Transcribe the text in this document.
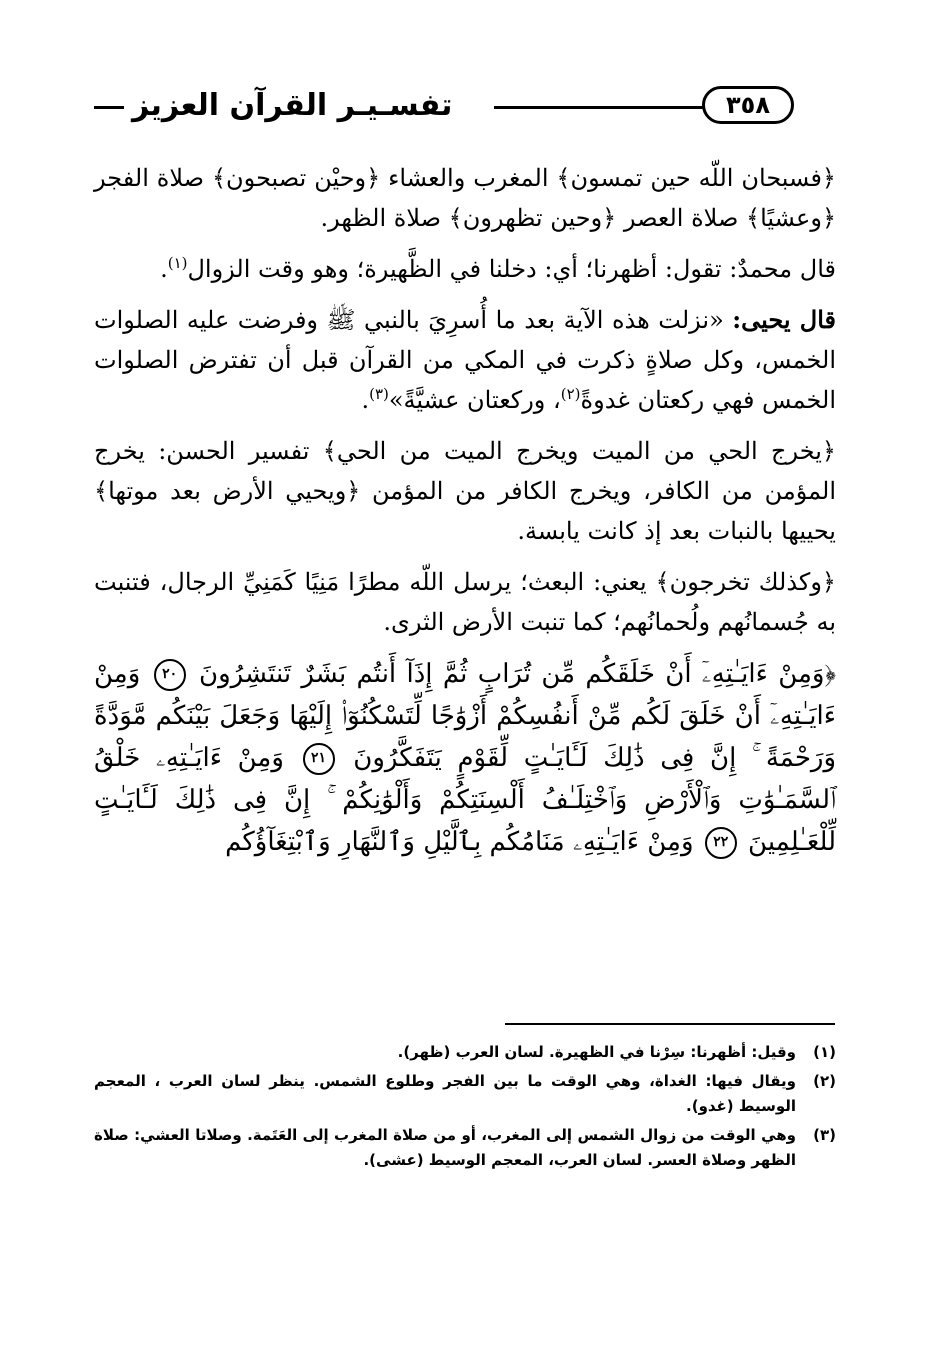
تفسـيـر القرآن العزيز	٣٥٨

﴿فسبحان اللّه حين تمسون﴾ المغرب والعشاء ﴿وحيْن تصبحون﴾ صلاة الفجر ﴿وعشيًا﴾ صلاة العصر ﴿وحين تظهرون﴾ صلاة الظهر.

قال محمدٌ: تقول: أظهرنا؛ أي: دخلنا في الظَّهيرة؛ وهو وقت الزوال$^{(١)}$.

قال يحيى: «نزلت هذه الآية بعد ما أُسرِيَ بالنبي ﷺ وفرضت عليه الصلوات الخمس، وكل صلاةٍ ذكرت في المكي من القرآن قبل أن تفترض الصلوات الخمس فهي ركعتان غدوةً$^{(٢)}$، وركعتان عشيَّةً»$^{(٣)}$.

﴿يخرج الحي من الميت ويخرج الميت من الحي﴾ تفسير الحسن: يخرج المؤمن من الكافر، ويخرج الكافر من المؤمن ﴿ويحيي الأرض بعد موتها﴾ يحييها بالنبات بعد إذ كانت يابسة.

﴿وكذلك تخرجون﴾ يعني: البعث؛ يرسل اللّه مطرًا مَنِيًا كَمَنِيِّ الرجال، فتنبت به جُسمانُهم ولُحمانُهم؛ كما تنبت الأرض الثرى.

﴿وَمِنْ ءَايَـٰتِهِۦٓ أَنْ خَلَقَكُم مِّن تُرَابٍ ثُمَّ إِذَآ أَنتُم بَشَرٌ تَنتَشِرُونَ ٢٠ وَمِنْ ءَايَـٰتِهِۦٓ أَنْ خَلَقَ لَكُم مِّنْ أَنفُسِكُمْ أَزْوَٰجًا لِّتَسْكُنُوٓا۟ إِلَيْهَا وَجَعَلَ بَيْنَكُم مَّوَدَّةً وَرَحْمَةً ۚ إِنَّ فِى ذَٰلِكَ لَـَٔايَـٰتٍ لِّقَوْمٍ يَتَفَكَّرُونَ ٢١ وَمِنْ ءَايَـٰتِهِۦ خَلْقُ ٱلسَّمَـٰوَٰتِ وَٱلْأَرْضِ وَٱخْتِلَـٰفُ أَلْسِنَتِكُمْ وَأَلْوَٰنِكُمْ ۚ إِنَّ فِى ذَٰلِكَ لَـَٔايَـٰتٍ لِّلْعَـٰلِمِينَ ٢٢ وَمِنْ ءَايَـٰتِهِۦ مَنَامُكُم بِٱلَّيْلِ وَٱلنَّهَارِ وَٱبْتِغَآؤُكُم

(١)
وقيل: أظهرنا: سِرْنا في الظهيرة. لسان العرب (ظهر).
(٢)
ويقال فيها: الغداة، وهي الوقت ما بين الفجر وطلوع الشمس. ينظر لسان العرب ، المعجم الوسيط (غدو).
(٣)
وهي الوقت من زوال الشمس إلى المغرب، أو من صلاة المغرب إلى العَتَمة. وصلاتا العشي: صلاة الظهر وصلاة العسر. لسان العرب، المعجم الوسيط (عشى).
